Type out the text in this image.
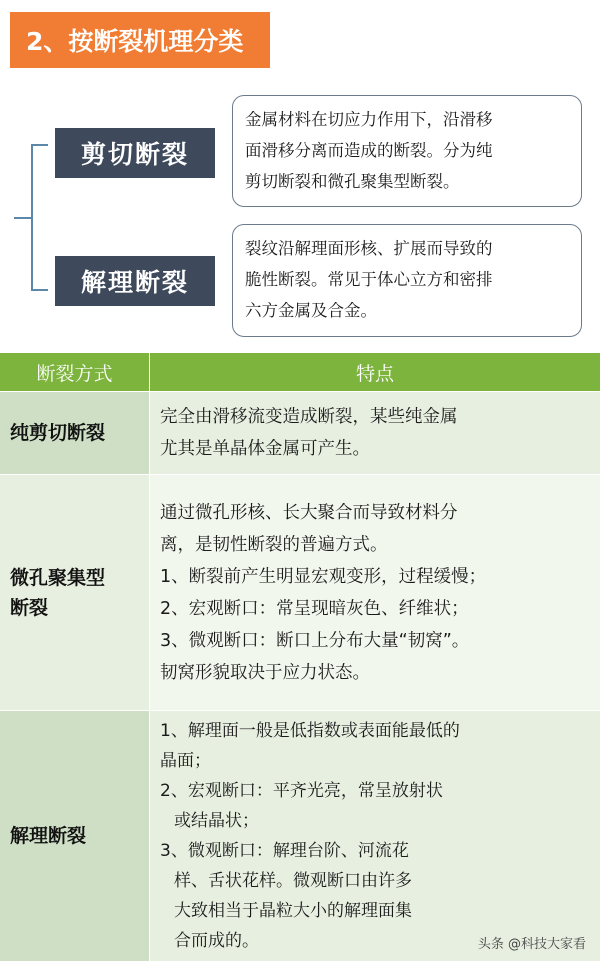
2、按断裂机理分类
剪切断裂
金属材料在切应力作用下，沿滑移
面滑移分离而造成的断裂。分为纯
剪切断裂和微孔聚集型断裂。
解理断裂
裂纹沿解理面形核、扩展而导致的
脆性断裂。常见于体心立方和密排
六方金属及合金。
断裂方式	特点
纯剪切断裂
完全由滑移流变造成断裂，某些纯金属
尤其是单晶体金属可产生。
微孔聚集型
断裂
通过微孔形核、长大聚合而导致材料分
离，是韧性断裂的普遍方式。
1、断裂前产生明显宏观变形，过程缓慢；
2、宏观断口：常呈现暗灰色、纤维状；
3、微观断口：断口上分布大量“韧窝”。
韧窝形貌取决于应力状态。
解理断裂
1、解理面一般是低指数或表面能最低的
晶面；
2、宏观断口：平齐光亮，常呈放射状
或结晶状；
3、微观断口：解理台阶、河流花
样、舌状花样。微观断口由许多
大致相当于晶粒大小的解理面集
合而成的。	头条 @科技大家看
